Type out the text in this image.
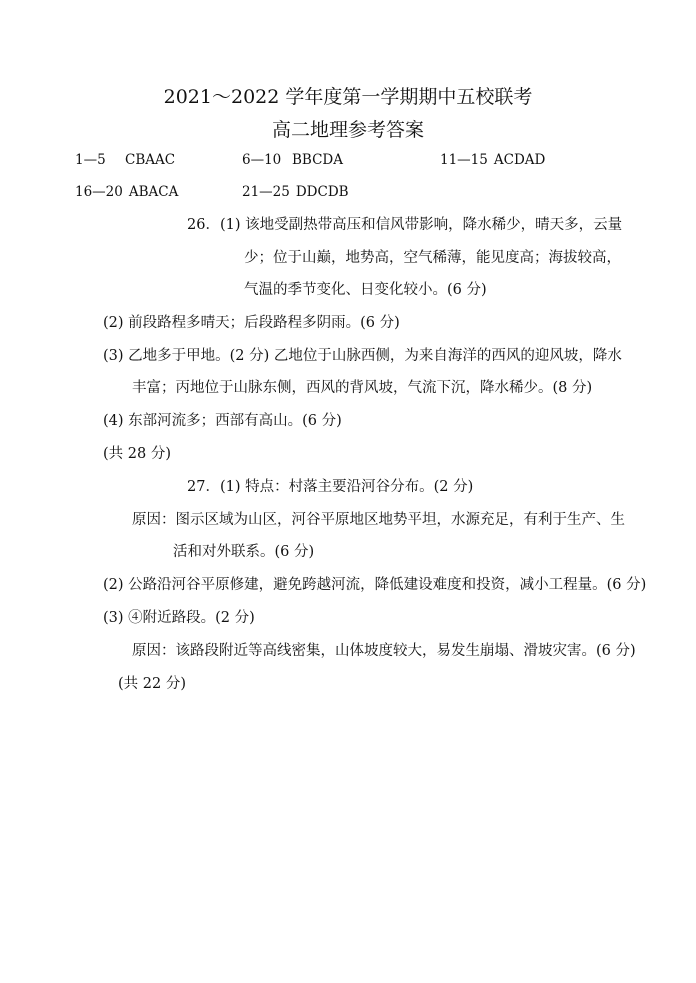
2021～2022 学年度第一学期期中五校联考
高二地理参考答案
1—5 CBAAC	6—10 BBCDA	11—15 ACDAD
16—20 ABACA	21—25 DDCDB
26．(1) 该地受副热带高压和信风带影响，降水稀少，晴天多，云量
少；位于山巅，地势高，空气稀薄，能见度高；海拔较高，
气温的季节变化、日变化较小。(6 分)
(2) 前段路程多晴天；后段路程多阴雨。(6 分)
(3) 乙地多于甲地。(2 分) 乙地位于山脉西侧，为来自海洋的西风的迎风坡，降水
丰富；丙地位于山脉东侧，西风的背风坡，气流下沉，降水稀少。(8 分)
(4) 东部河流多；西部有高山。(6 分)
(共 28 分)
27．(1) 特点：村落主要沿河谷分布。(2 分)
原因：图示区域为山区，河谷平原地区地势平坦，水源充足，有利于生产、生
活和对外联系。(6 分)
(2) 公路沿河谷平原修建，避免跨越河流，降低建设难度和投资，减小工程量。(6 分)
(3) ④附近路段。(2 分)
原因：该路段附近等高线密集，山体坡度较大，易发生崩塌、滑坡灾害。(6 分)
(共 22 分)
